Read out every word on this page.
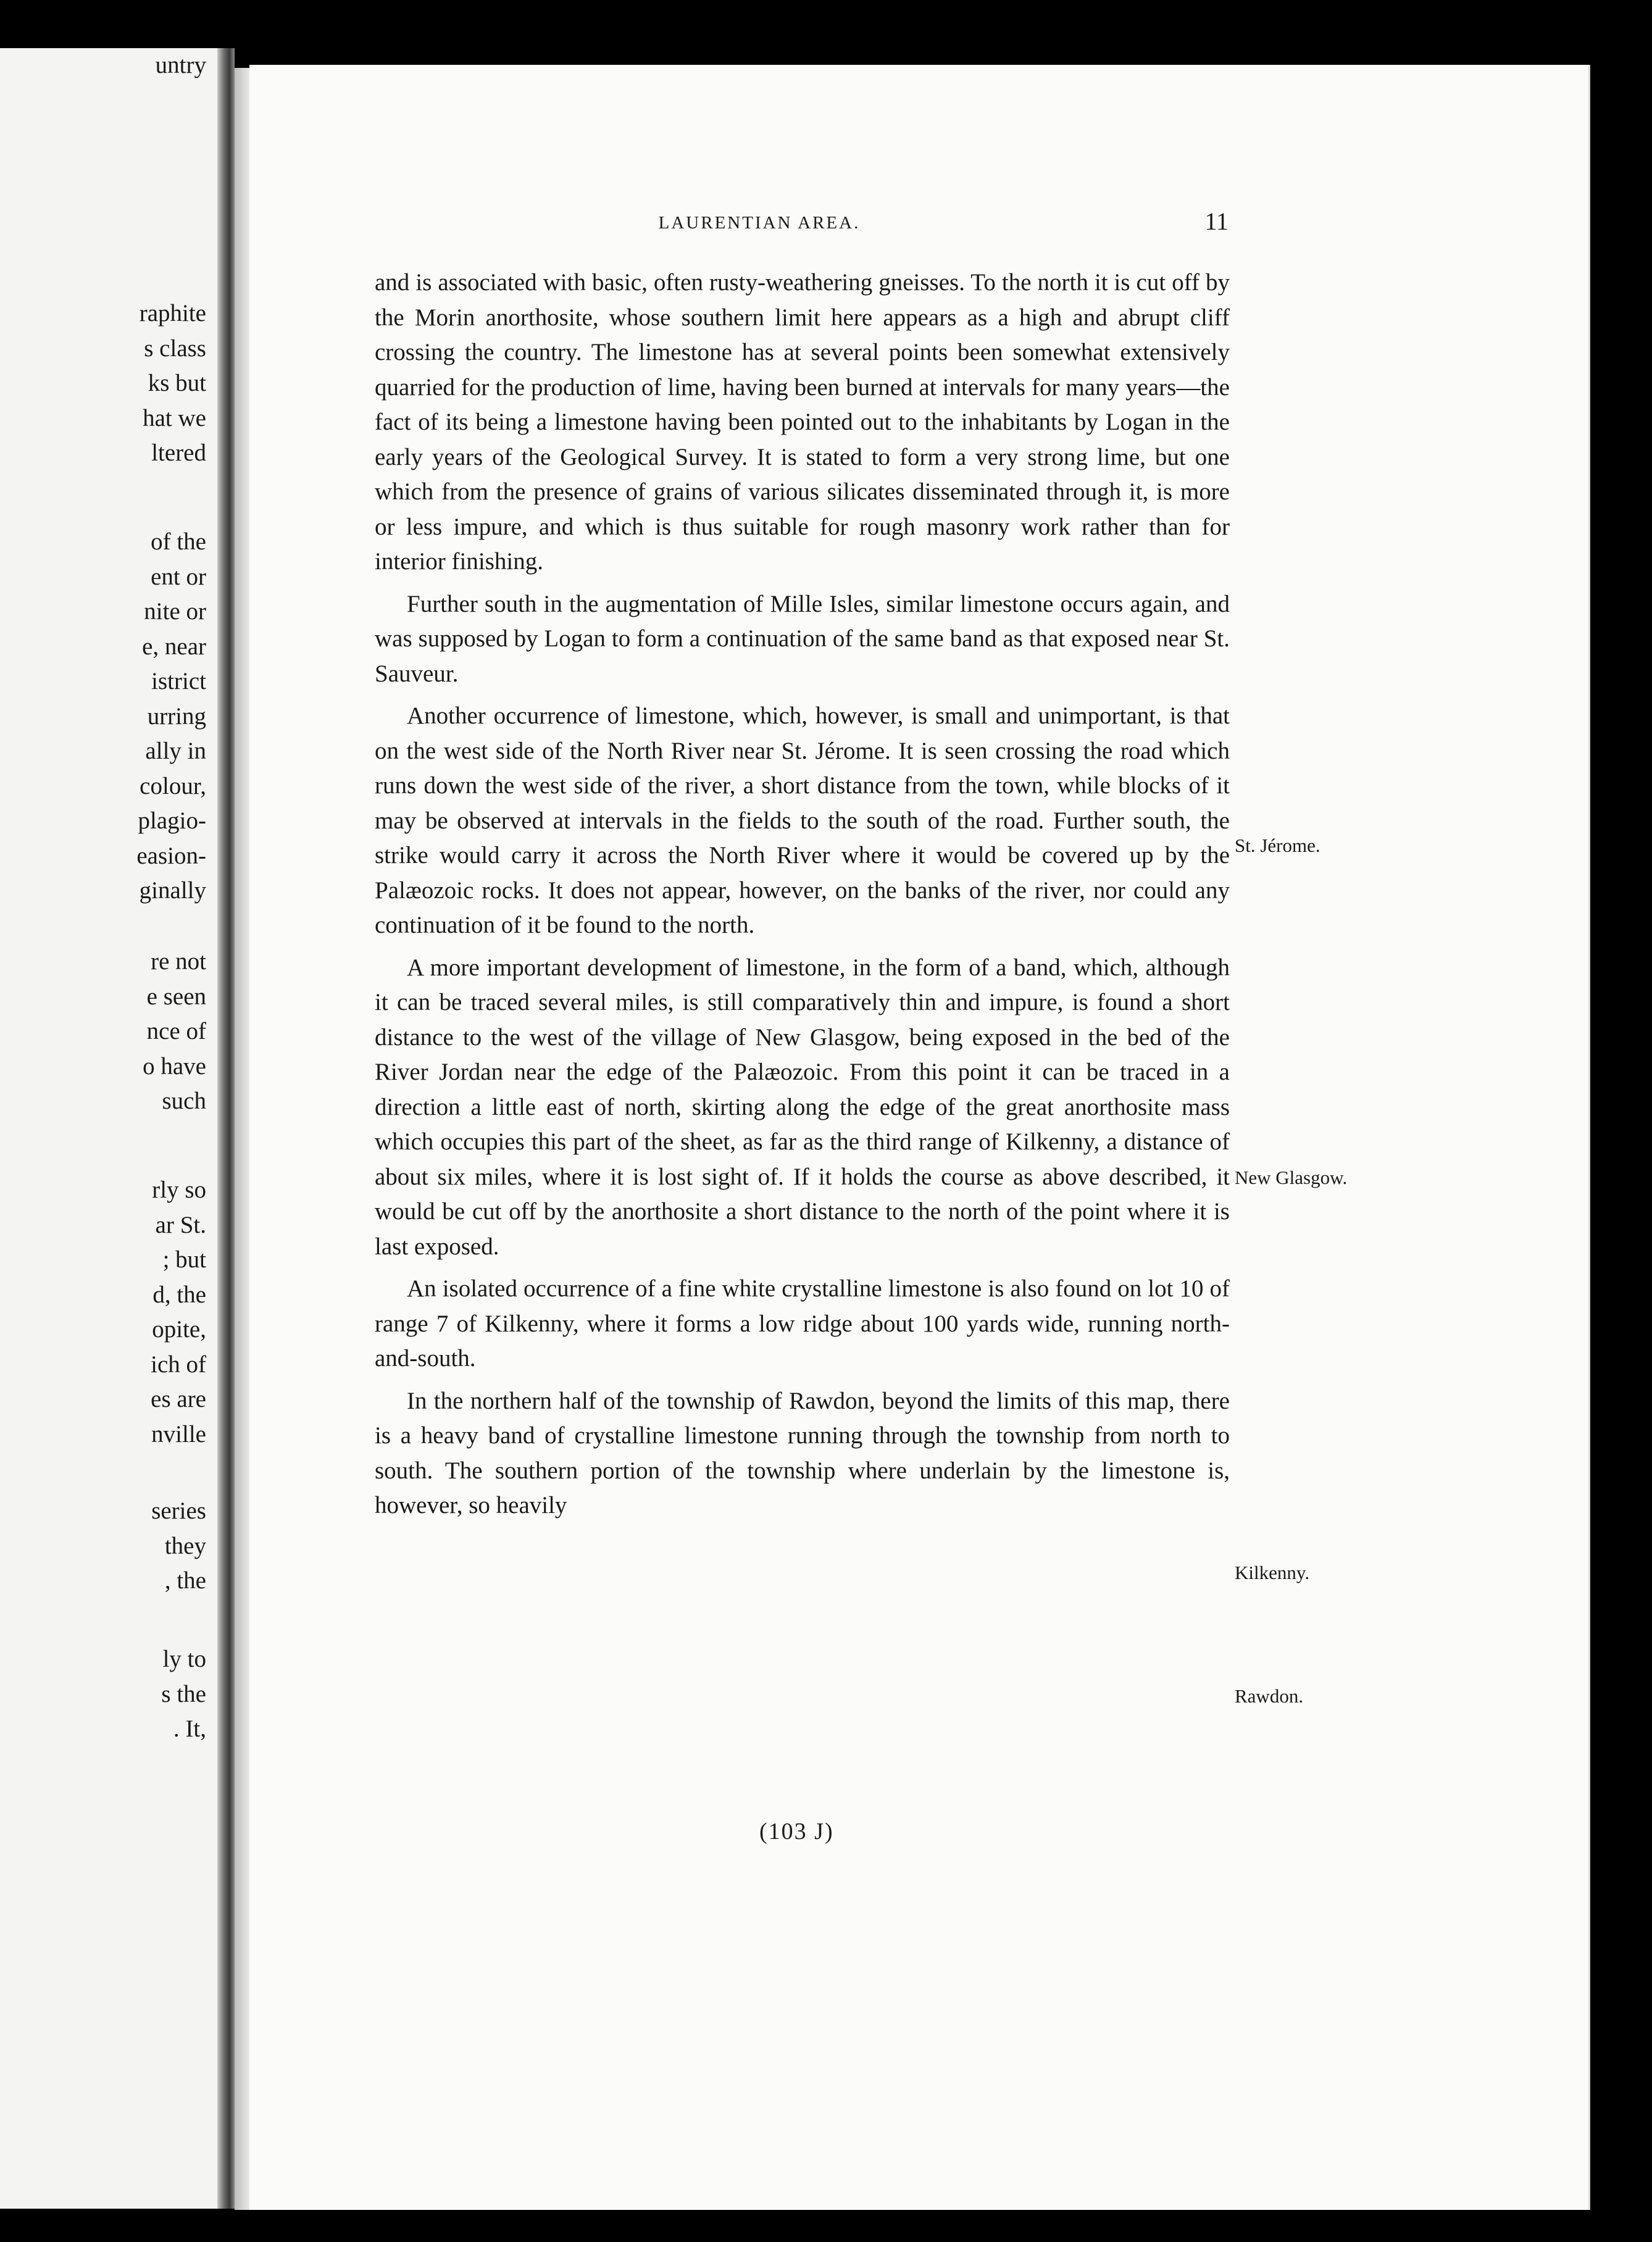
raphite
s class
ks but
hat we
ltered
of the
ent or
nite or
e, near
istrict
urring
ally in
colour,
plagio-
easion-
ginally
re not
e seen
nce of
o have
such
rly so
ar St.
; but
d, the
opite,
ich of
es are
nville
series
they
, the
ly to
s the
. It,
untry
LAURENTIAN AREA.	11

and is associated with basic, often rusty-weathering gneisses. To the north it is cut off by the Morin anorthosite, whose southern limit here appears as a high and abrupt cliff crossing the country. The limestone has at several points been somewhat extensively quarried for the production of lime, having been burned at intervals for many years—the fact of its being a limestone having been pointed out to the inhabitants by Logan in the early years of the Geological Survey. It is stated to form a very strong lime, but one which from the presence of grains of various silicates disseminated through it, is more or less impure, and which is thus suitable for rough masonry work rather than for interior finishing.

Further south in the augmentation of Mille Isles, similar limestone occurs again, and was supposed by Logan to form a continuation of the same band as that exposed near St. Sauveur.

Another occurrence of limestone, which, however, is small and unimportant, is that on the west side of the North River near St. Jérome. It is seen crossing the road which runs down the west side of the river, a short distance from the town, while blocks of it may be observed at intervals in the fields to the south of the road. Further south, the strike would carry it across the North River where it would be covered up by the Palæozoic rocks. It does not appear, however, on the banks of the river, nor could any continuation of it be found to the north.

A more important development of limestone, in the form of a band, which, although it can be traced several miles, is still comparatively thin and impure, is found a short distance to the west of the village of New Glasgow, being exposed in the bed of the River Jordan near the edge of the Palæozoic. From this point it can be traced in a direction a little east of north, skirting along the edge of the great anorthosite mass which occupies this part of the sheet, as far as the third range of Kilkenny, a distance of about six miles, where it is lost sight of. If it holds the course as above described, it would be cut off by the anorthosite a short distance to the north of the point where it is last exposed.

An isolated occurrence of a fine white crystalline limestone is also found on lot 10 of range 7 of Kilkenny, where it forms a low ridge about 100 yards wide, running north-and-south.

In the northern half of the township of Rawdon, beyond the limits of this map, there is a heavy band of crystalline limestone running through the township from north to south. The southern portion of the township where underlain by the limestone is, however, so heavily

St. Jérome.
New Glasgow.
Kilkenny.
Rawdon.
(103 J)
